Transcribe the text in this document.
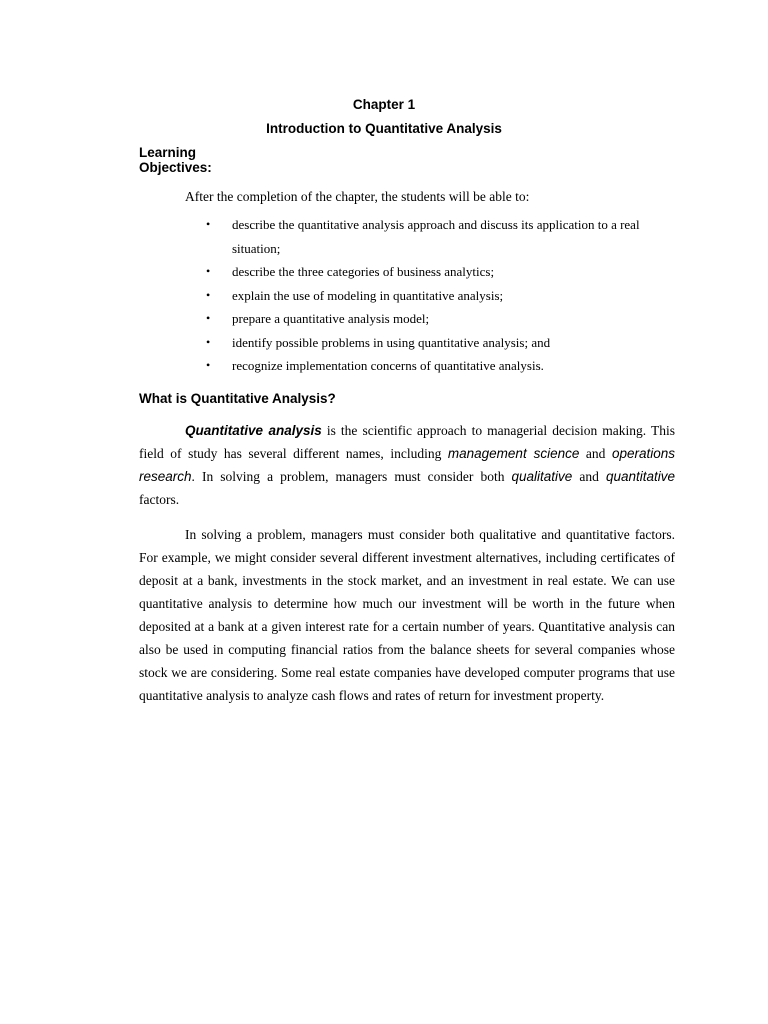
Chapter 1
Introduction to Quantitative Analysis
Learning Objectives:
After the completion of the chapter, the students will be able to:
• describe the quantitative analysis approach and discuss its application to a real situation;
• describe the three categories of business analytics;
• explain the use of modeling in quantitative analysis;
• prepare a quantitative analysis model;
• identify possible problems in using quantitative analysis; and
• recognize implementation concerns of quantitative analysis.
What is Quantitative Analysis?

Quantitative analysis is the scientific approach to managerial decision making. This field of study has several different names, including management science and operations research. In solving a problem, managers must consider both qualitative and quantitative factors.

In solving a problem, managers must consider both qualitative and quantitative factors. For example, we might consider several different investment alternatives, including certificates of deposit at a bank, investments in the stock market, and an investment in real estate. We can use quantitative analysis to determine how much our investment will be worth in the future when deposited at a bank at a given interest rate for a certain number of years. Quantitative analysis can also be used in computing financial ratios from the balance sheets for several companies whose stock we are considering. Some real estate companies have developed computer programs that use quantitative analysis to analyze cash flows and rates of return for investment property.
